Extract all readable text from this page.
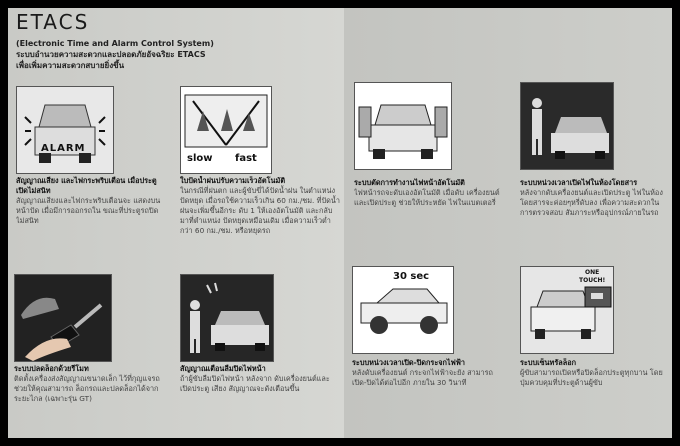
ETACS
(Electronic Time and Alarm Control System)
ระบบอำนวยความสะดวกและปลอดภัยอัจฉริยะ ETACS
เพื่อเพิ่มความสะดวกสบายยิ่งขึ้น
ALARM
สัญญาณเสียง และไฟกระพริบเตือน เมื่อประตูเปิดไม่สนิท
สัญญาณเสียงและไฟกระพริบเตือนจะ แสดงบนหน้าปัด เมื่อมีการออกรถใน ขณะที่ประตูรถปิดไม่สนิท
slow fast
ใบปัดน้ำฝนปรับความเร็วอัตโนมัติ
ในกรณีที่ฝนตก และผู้ขับขี่ได้ปัดน้ำฝน ในตำแหน่งปัดหยุด เมื่อรถใช้ความเร็วเกิน 60 กม./ชม. ที่ปัดน้ำฝนจะเพิ่มขึ้นอีกระ ดับ 1 ให้เองอัตโนมัติ และกลับมาที่ตำแหน่ง ปัดหยุดเหมือนเดิม เมื่อความเร็วต่ำกว่า 60 กม./ชม. หรือหยุดรถ
ระบบตัดการทำงานไฟหน้าอัตโนมัติ
ไฟหน้ารถจะดับเองอัตโนมัติ เมื่อดับ เครื่องยนต์และเปิดประตู ช่วยให้ประหยัด ไฟในแบตเตอรี่
ระบบหน่วงเวลาเปิดไฟในห้องโดยสาร
หลังจากดับเครื่องยนต์และเปิดประตู ไฟในห้องโดยสารจะค่อยๆหรี่ดับลง เพื่อความสะดวกในการตรวจสอบ สัมภาระหรืออุปกรณ์ภายในรถ
ระบบปลดล็อกด้วยรีโมท
ติดตั้งเครื่องส่งสัญญาณขนาดเล็ก ไว้ที่กุญแจรถ ช่วยให้คุณสามารถ ล็อกรถและปลดล็อกได้จากระยะไกล (เฉพาะรุ่น GT)
สัญญาณเตือนลืมปิดไฟหน้า
ถ้าผู้ขับลืมปิดไฟหน้า หลังจาก ดับเครื่องยนต์และเปิดประตู เสียง สัญญาณจะดังเตือนขึ้น
30 sec
ระบบหน่วงเวลาเปิด-ปิดกระจกไฟฟ้า
หลังดับเครื่องยนต์ กระจกไฟฟ้าจะยัง สามารถเปิด-ปิดได้ต่อไปอีก ภายใน 30 วินาที
ONE
TOUCH!
ระบบเซ็นทรัลล็อก
ผู้ขับสามารถเปิดหรือปิดล็อกประตูทุกบาน โดยปุ่มควบคุมที่ประตูด้านผู้ขับ
